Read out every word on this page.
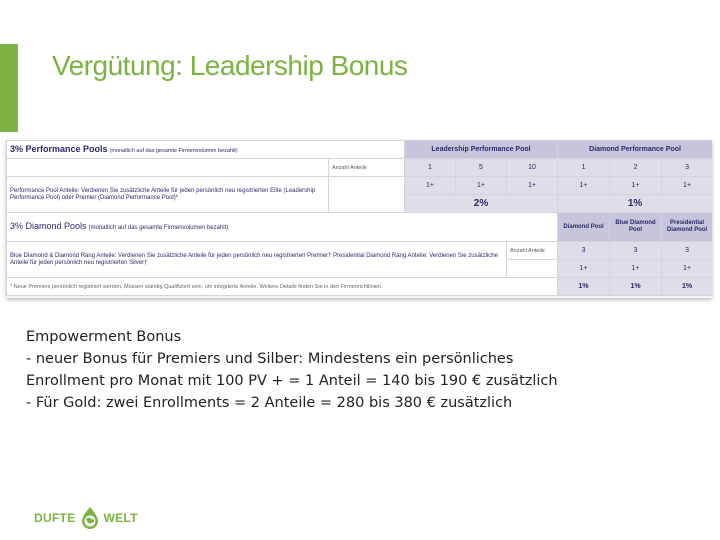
Vergütung: Leadership Bonus
3% Performance Pools (monatlich auf das gesamte Firmenvolumen bezahlt)		Leadership Performance Pool			Diamond Performance Pool		
	Anzahl Anteile	1	5	10	1	2	3
Performance Pool Anteile: Verdienen Sie zusätzliche Anteile für jeden persönlich neu registrierten Elite (Leadership Performance Pool) oder Premier (Diamond Performance Pool)*		1+	1+	1+	1+	1+	1+
		2%			1%		
3% Diamond Pools (monatlich auf das gesamte Firmenvolumen bezahlt)					Diamond Pool	Blue Diamond Pool	Presidential Diamond Pool
Blue Diamond & Diamond Rang Anteile: Verdienen Sie zusätzliche Anteile für jeden persönlich neu registrierten Premier† Presidential Diamond Rang Anteile: Verdienen Sie zusätzliche Anteile für jeden persönlich neu registrierten Silver†				Anzahl Anteile	3	3	3
					1+	1+	1+
* Neue Premiers persönlich registriert werden, Müssen ständig Qualifiziert sein, um integrierte Anteile. Weitere Details finden Sie in den Firmenrichtlinien.					1%	1%	1%
Empowerment Bonus
- neuer Bonus für Premiers und Silber: Mindestens ein persönliches
Enrollment pro Monat mit 100 PV + = 1 Anteil = 140 bis 190 € zusätzlich
- Für Gold: zwei Enrollments = 2 Anteile = 280 bis 380 € zusätzlich
DUFTE WELT
